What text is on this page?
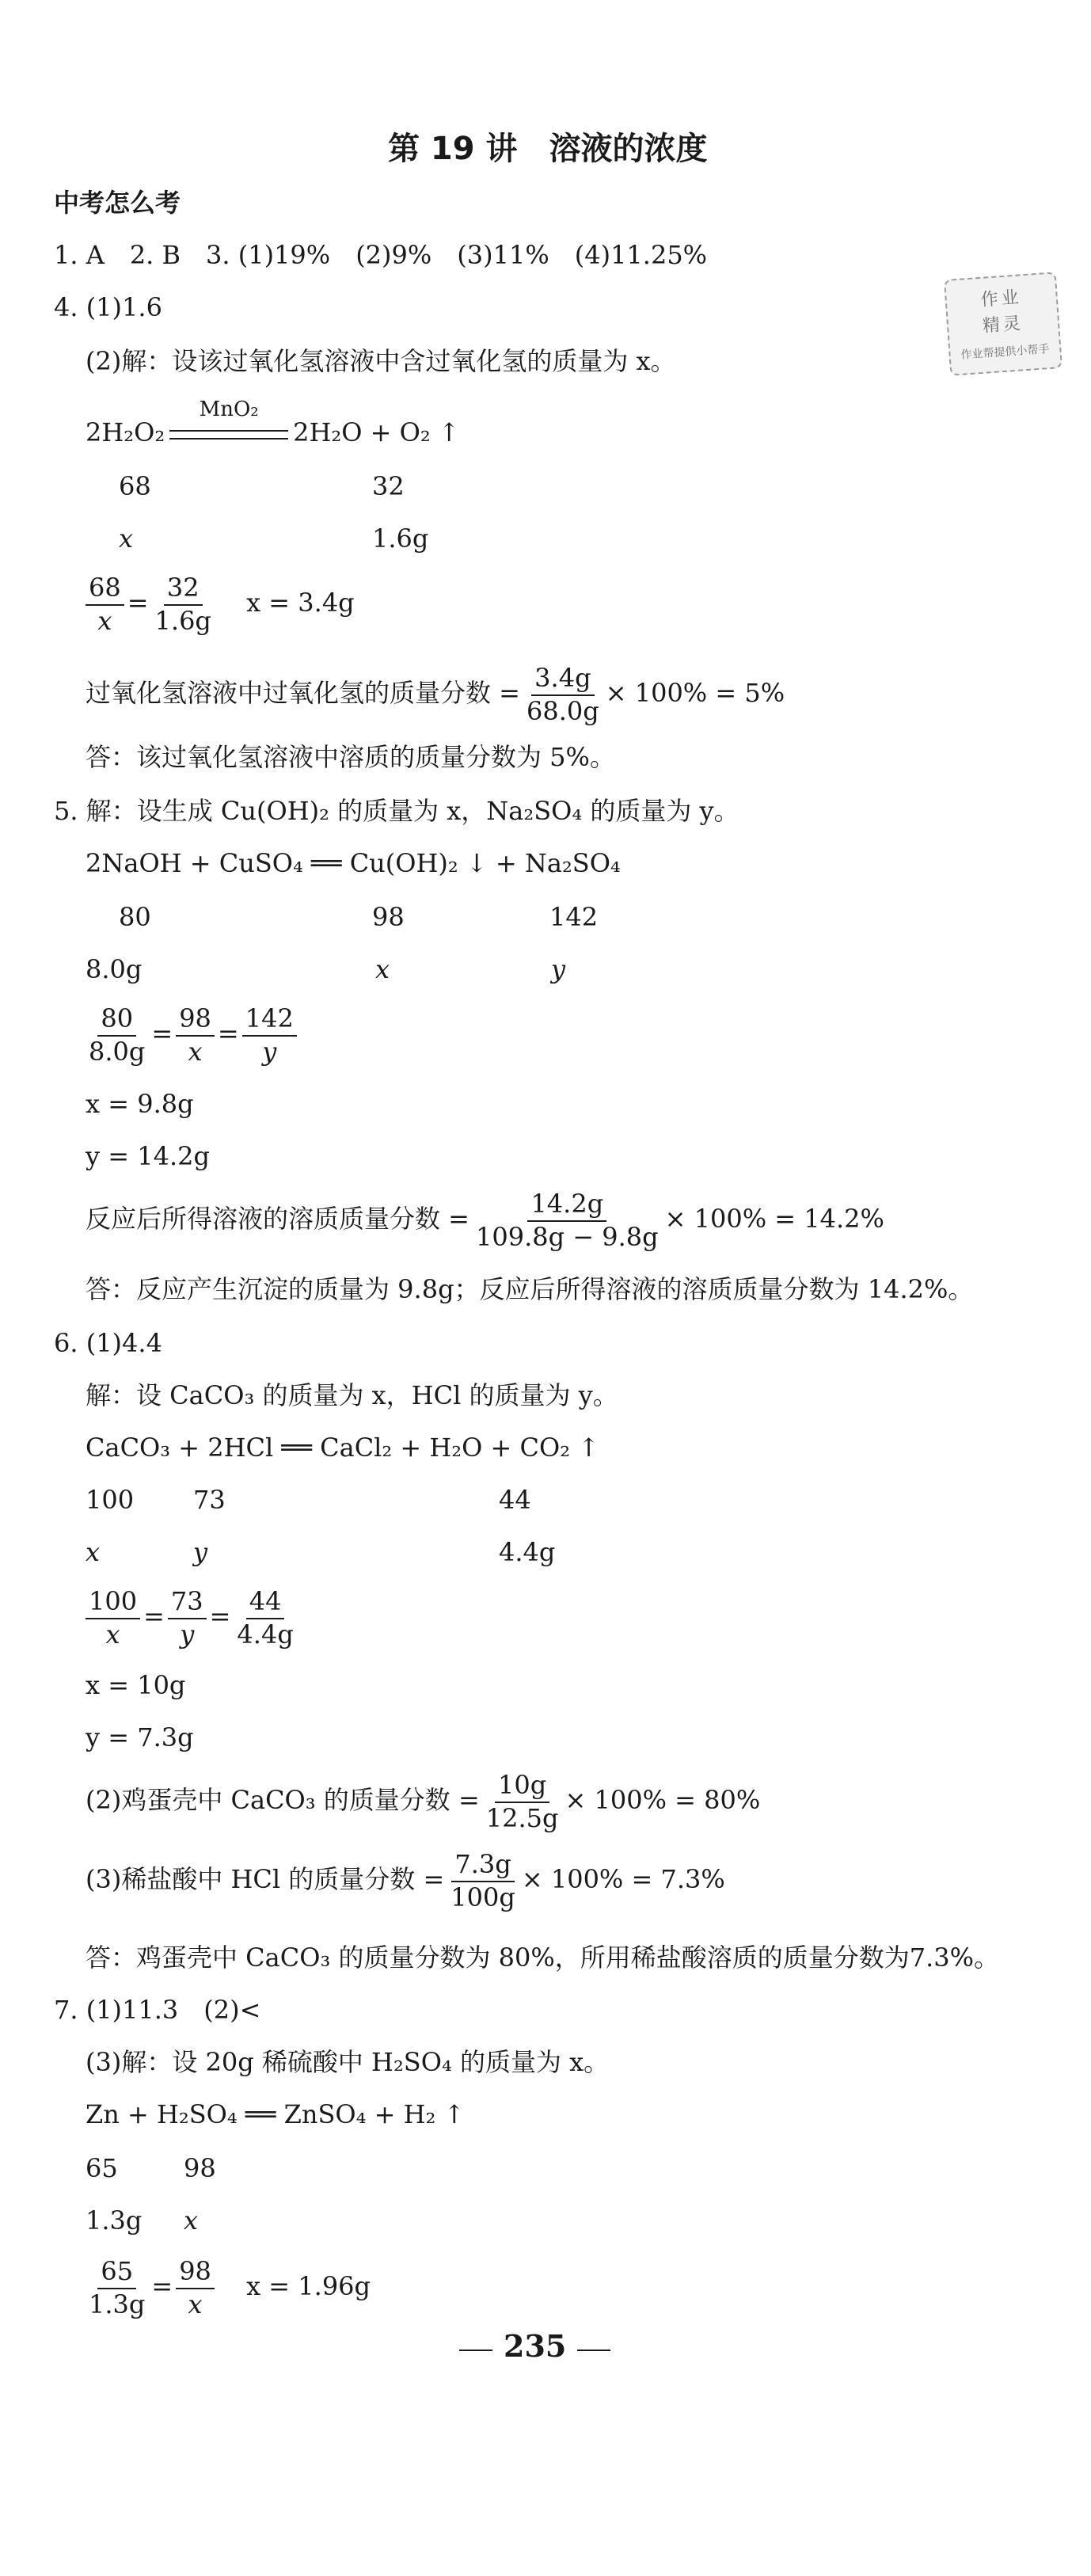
第 19 讲　溶液的浓度
中考怎么考
1. A　2. B　3. (1)19%　(2)9%　(3)11%　(4)11.25%
作业
精灵
作业帮提供小帮手
4. (1)1.6
(2)解：设该过氧化氢溶液中含过氧化氢的质量为 x。
2H₂O₂
MnO₂
2H₂O + O₂ ↑
68	32
x	1.6g
$\frac{68}{x} = \frac{32}{1.6g}$ x = 3.4g
过氧化氢溶液中过氧化氢的质量分数 = $\frac{3.4g}{68.0g} \times 100\% = 5\%$
答：该过氧化氢溶液中溶质的质量分数为 5%。
5. 解：设生成 Cu(OH)₂ 的质量为 x，Na₂SO₄ 的质量为 y。
2NaOH + CuSO₄ ══ Cu(OH)₂ ↓ + Na₂SO₄
80	98	142
8.0g	x	y
$\frac{80}{8.0g} = \frac{98}{x} = \frac{142}{y}$
x = 9.8g
y = 14.2g
反应后所得溶液的溶质质量分数 = $\frac{14.2g}{109.8g - 9.8g} \times 100\% = 14.2\%$
答：反应产生沉淀的质量为 9.8g；反应后所得溶液的溶质质量分数为 14.2%。
6. (1)4.4
解：设 CaCO₃ 的质量为 x，HCl 的质量为 y。
CaCO₃ + 2HCl ══ CaCl₂ + H₂O + CO₂ ↑
100 73	44
x	y	4.4g
$\frac{100}{x} = \frac{73}{y} = \frac{44}{4.4g}$
x = 10g
y = 7.3g
(2)鸡蛋壳中 CaCO₃ 的质量分数 = $\frac{10g}{12.5g} \times 100\% = 80\%$
(3)稀盐酸中 HCl 的质量分数 = $\frac{7.3g}{100g} \times 100\% = 7.3\%$
答：鸡蛋壳中 CaCO₃ 的质量分数为 80%，所用稀盐酸溶质的质量分数为7.3%。
7. (1)11.3　(2)<
(3)解：设 20g 稀硫酸中 H₂SO₄ 的质量为 x。
Zn + H₂SO₄ ══ ZnSO₄ + H₂ ↑
65	98
1.3g x
$\frac{65}{1.3g} = \frac{98}{x}$ x = 1.96g
235
